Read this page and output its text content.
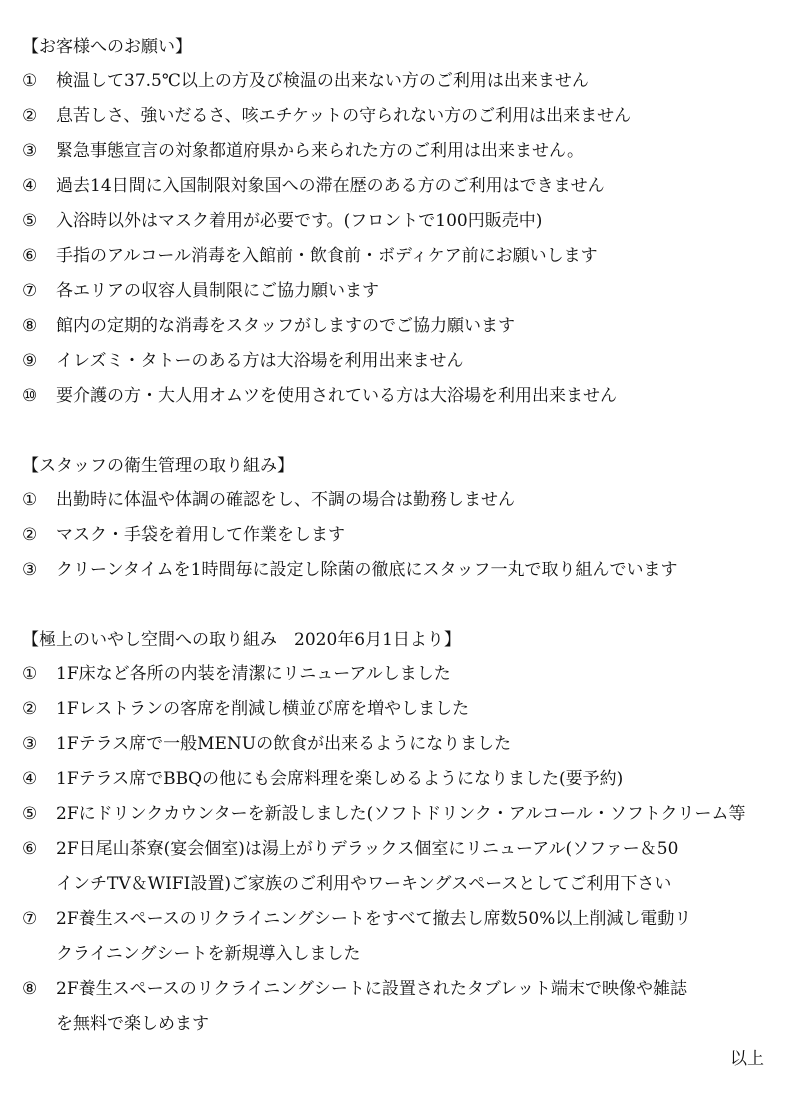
【お客様へのお願い】
①	検温して37.5℃以上の方及び検温の出来ない方のご利用は出来ません
②	息苦しさ、強いだるさ、咳エチケットの守られない方のご利用は出来ません
③	緊急事態宣言の対象都道府県から来られた方のご利用は出来ません。
④	過去14日間に入国制限対象国への滞在歴のある方のご利用はできません
⑤	入浴時以外はマスク着用が必要です。(フロントで100円販売中)
⑥	手指のアルコール消毒を入館前・飲食前・ボディケア前にお願いします
⑦	各エリアの収容人員制限にご協力願います
⑧	館内の定期的な消毒をスタッフがしますのでご協力願います
⑨	イレズミ・タトーのある方は大浴場を利用出来ません
⑩	要介護の方・大人用オムツを使用されている方は大浴場を利用出来ません
【スタッフの衛生管理の取り組み】
①	出勤時に体温や体調の確認をし、不調の場合は勤務しません
②	マスク・手袋を着用して作業をします
③	クリーンタイムを1時間毎に設定し除菌の徹底にスタッフ一丸で取り組んでいます
【極上のいやし空間への取り組み　2020年6月1日より】
①	1F床など各所の内装を清潔にリニューアルしました
②	1Fレストランの客席を削減し横並び席を増やしました
③	1Fテラス席で一般MENUの飲食が出来るようになりました
④	1Fテラス席でBBQの他にも会席料理を楽しめるようになりました(要予約)
⑤	2Fにドリンクカウンターを新設しました(ソフトドリンク・アルコール・ソフトクリーム等
⑥	2F日尾山茶寮(宴会個室)は湯上がりデラックス個室にリニューアル(ソファー＆50
インチTV＆WIFI設置)ご家族のご利用やワーキングスペースとしてご利用下さい
⑦	2F養生スペースのリクライニングシートをすべて撤去し席数50%以上削減し電動リ
クライニングシートを新規導入しました
⑧	2F養生スペースのリクライニングシートに設置されたタブレット端末で映像や雑誌
を無料で楽しめます
以上
